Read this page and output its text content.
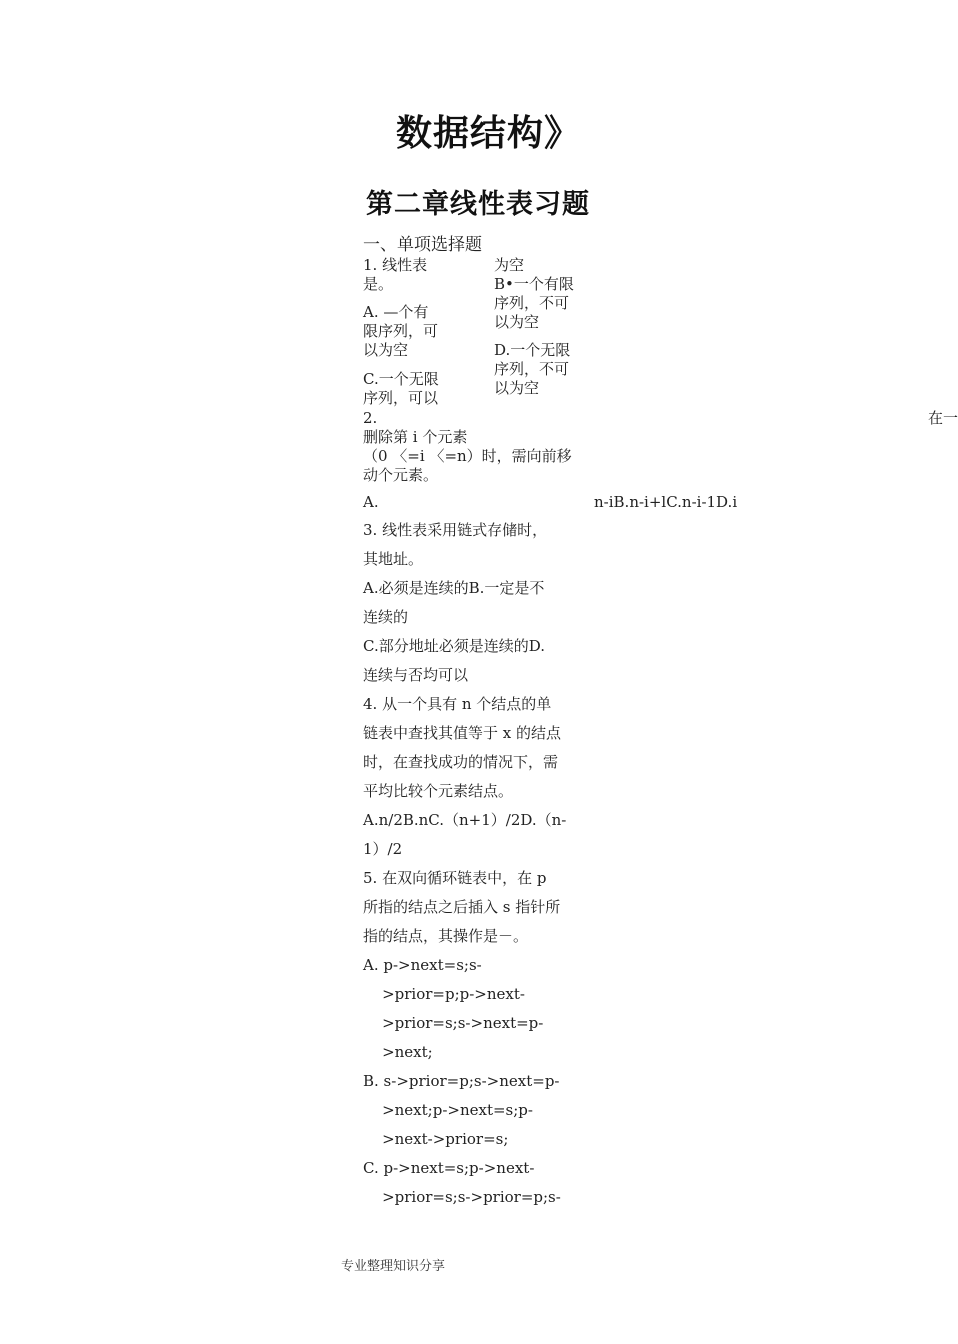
数据结构》
第二章线性表习题
一、单项选择题
1. 线性表
是。
A. —个有
限序列，可
以为空
C.一个无限
序列，可以
为空
B•一个有限
序列，不可
以为空
D.一个无限
序列，不可
以为空
2.	在一
删除第 i 个元素
（0 〈=i 〈=n）时，需向前移
动个元素。
A.	n-iB.n-i+lC.n-i-1D.i
3. 线性表采用链式存储时，
其地址。
A.必须是连续的B.一定是不
连续的
C.部分地址必须是连续的D.
连续与否均可以
4. 从一个具有 n 个结点的单
链表中查找其值等于 x 的结点
时，在查找成功的情况下，需
平均比较个元素结点。
A.n/2B.nC.（n+1）/2D.（n-
1）/2
5. 在双向循环链表中，在 p
所指的结点之后插入 s 指针所
指的结点，其操作是－。
A. p->next=s;s-
>prior=p;p->next-
>prior=s;s->next=p-
>next;
B. s->prior=p;s->next=p-
>next;p->next=s;p-
>next->prior=s;
C. p->next=s;p->next-
>prior=s;s->prior=p;s-
专业整理知识分享
